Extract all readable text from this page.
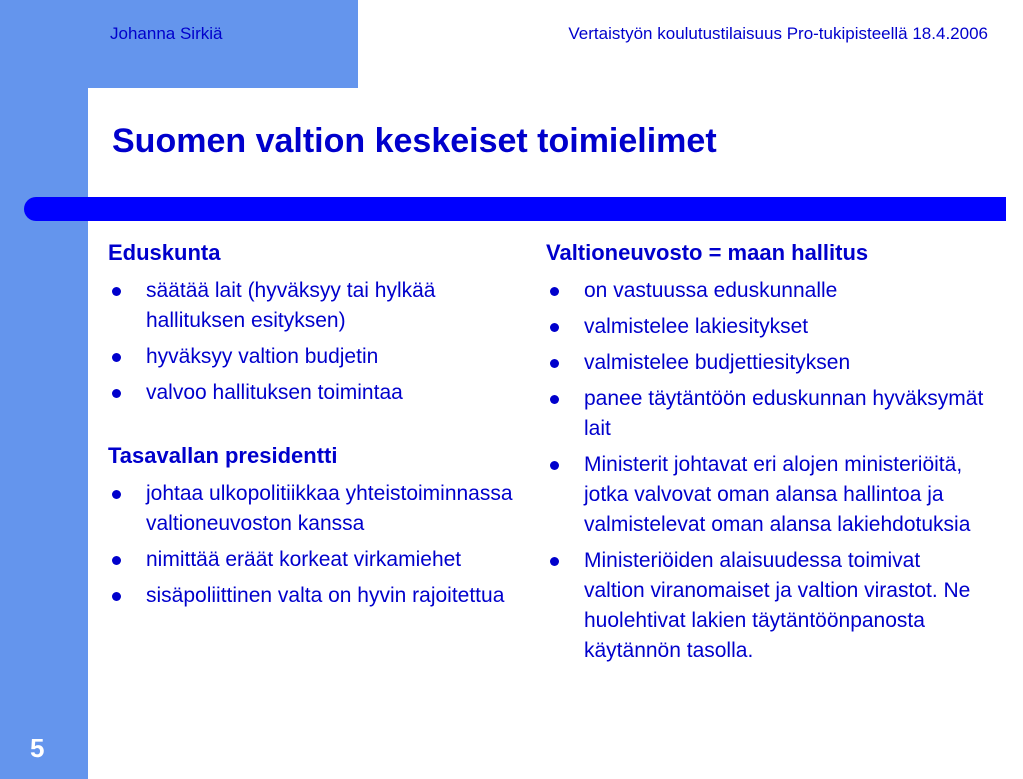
Johanna Sirkiä	Vertaistyön koulutustilaisuus Pro-tukipisteellä 18.4.2006
Suomen valtion keskeiset toimielimet
Eduskunta
säätää lait (hyväksyy tai hylkää hallituksen esityksen)
hyväksyy valtion budjetin
valvoo hallituksen toimintaa
Tasavallan presidentti
johtaa ulkopolitiikkaa yhteistoiminnassa valtioneuvoston kanssa
nimittää eräät korkeat virkamiehet
sisäpoliittinen valta on hyvin rajoitettua
Valtioneuvosto = maan hallitus
on vastuussa eduskunnalle
valmistelee lakiesitykset
valmistelee budjettiesityksen
panee täytäntöön eduskunnan hyväksymät lait
Ministerit johtavat eri alojen ministeriöitä, jotka valvovat oman alansa hallintoa ja valmistelevat oman alansa lakiehdotuksia
Ministeriöiden alaisuudessa toimivat valtion viranomaiset ja valtion virastot. Ne huolehtivat lakien täytäntöönpanosta käytännön tasolla.
5
